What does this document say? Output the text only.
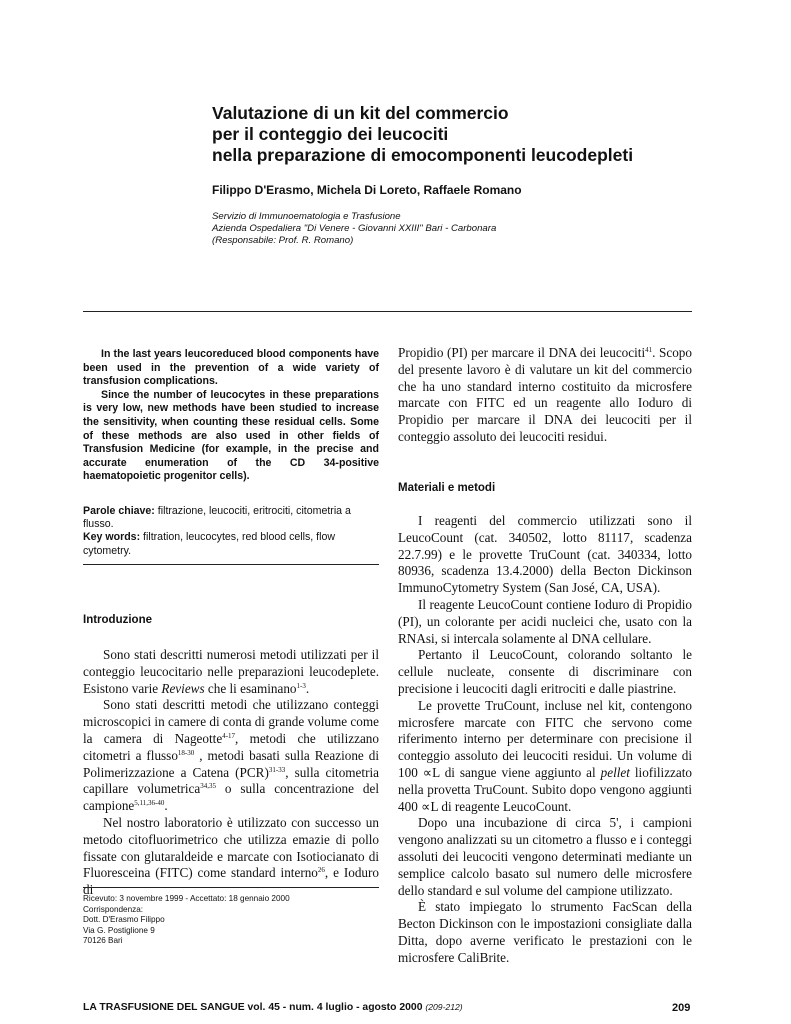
Valutazione di un kit del commercio
per il conteggio dei leucociti
nella preparazione di emocomponenti leucodepleti
Filippo D'Erasmo, Michela Di Loreto, Raffaele Romano
Servizio di Immunoematologia e Trasfusione
Azienda Ospedaliera "Di Venere - Giovanni XXIII" Bari - Carbonara
(Responsabile: Prof. R. Romano)

In the last years leucoreduced blood components have been used in the prevention of a wide variety of transfusion complications.

Since the number of leucocytes in these preparations is very low, new methods have been studied to increase the sensitivity, when counting these residual cells. Some of these methods are also used in other fields of Transfusion Medicine (for example, in the precise and accurate enumeration of the CD 34-positive haematopoietic progenitor cells).

Parole chiave: filtrazione, leucociti, eritrociti, citometria a flusso.

Key words: filtration, leucocytes, red blood cells, flow cytometry.

Introduzione

Sono stati descritti numerosi metodi utilizzati per il conteggio leucocitario nelle preparazioni leucodeplete. Esistono varie Reviews che li esaminano$^{1-3}$.

Sono stati descritti metodi che utilizzano conteggi microscopici in camere di conta di grande volume come la camera di Nageotte$^{4-17}$, metodi che utilizzano citometri a flusso$^{18-30}$ , metodi basati sulla Reazione di Polimerizzazione a Catena (PCR)$^{31-33}$, sulla citometria capillare volumetrica$^{34,35}$ o sulla concentrazione del campione$^{5,11,36-40}$.

Nel nostro laboratorio è utilizzato con successo un metodo citofluorimetrico che utilizza emazie di pollo fissate con glutaraldeide e marcate con Isotiocianato di Fluoresceina (FITC) come standard interno$^{26}$, e Ioduro di

Ricevuto: 3 novembre 1999 - Accettato: 18 gennaio 2000
Corrispondenza:
Dott. D'Erasmo Filippo
Via G. Postiglione 9
70126 Bari

Propidio (PI) per marcare il DNA dei leucociti$^{41}$. Scopo del presente lavoro è di valutare un kit del commercio che ha uno standard interno costituito da microsfere marcate con FITC ed un reagente allo Ioduro di Propidio per marcare il DNA dei leucociti per il conteggio assoluto dei leucociti residui.

Materiali e metodi

I reagenti del commercio utilizzati sono il LeucoCount (cat. 340502, lotto 81117, scadenza 22.7.99) e le provette TruCount (cat. 340334, lotto 80936, scadenza 13.4.2000) della Becton Dickinson ImmunoCytometry System (San José, CA, USA).

Il reagente LeucoCount contiene Ioduro di Propidio (PI), un colorante per acidi nucleici che, usato con la RNAsi, si intercala solamente al DNA cellulare.

Pertanto il LeucoCount, colorando soltanto le cellule nucleate, consente di discriminare con precisione i leucociti dagli eritrociti e dalle piastrine.

Le provette TruCount, incluse nel kit, contengono microsfere marcate con FITC che servono come riferimento interno per determinare con precisione il conteggio assoluto dei leucociti residui. Un volume di 100 ∝L di sangue viene aggiunto al pellet liofilizzato nella provetta TruCount. Subito dopo vengono aggiunti 400 ∝L di reagente LeucoCount.

Dopo una incubazione di circa 5', i campioni vengono analizzati su un citometro a flusso e i conteggi assoluti dei leucociti vengono determinati mediante un semplice calcolo basato sul numero delle microsfere dello standard e sul volume del campione utilizzato.

È stato impiegato lo strumento FacScan della Becton Dickinson con le impostazioni consigliate dalla Ditta, dopo averne verificato le prestazioni con le microsfere CaliBrite.

LA TRASFUSIONE DEL SANGUE vol. 45 - num. 4 luglio - agosto 2000 (209-212)	209
